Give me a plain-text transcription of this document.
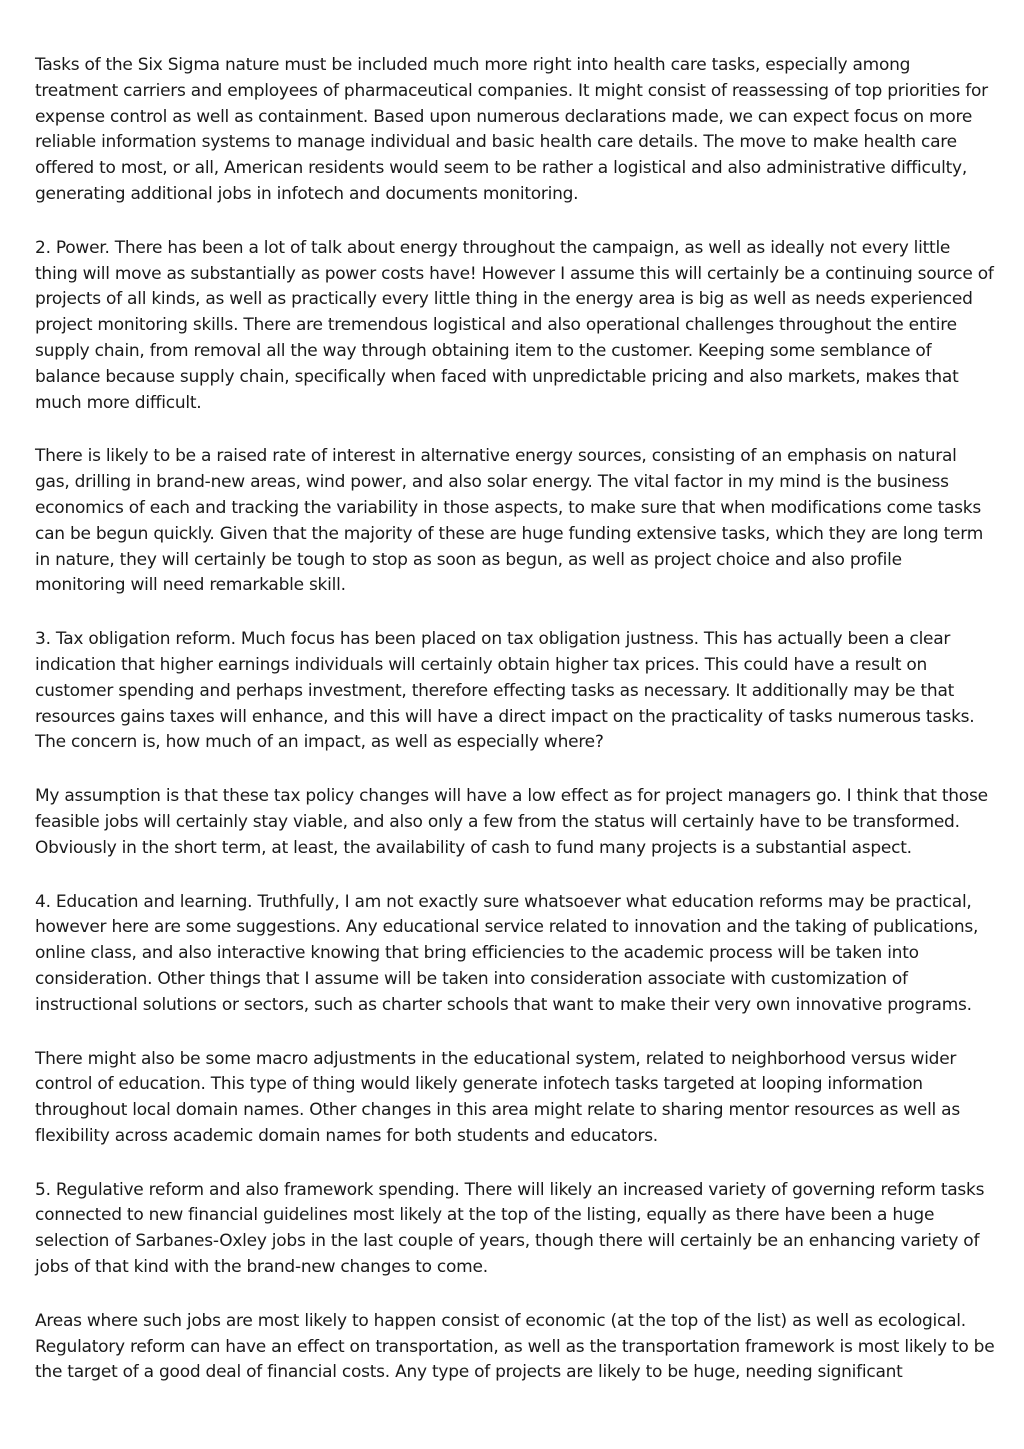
Tasks of the Six Sigma nature must be included much more right into health care tasks, especially among treatment carriers and employees of pharmaceutical companies. It might consist of reassessing of top priorities for expense control as well as containment. Based upon numerous declarations made, we can expect focus on more reliable information systems to manage individual and basic health care details. The move to make health care offered to most, or all, American residents would seem to be rather a logistical and also administrative difficulty, generating additional jobs in infotech and documents monitoring.

2. Power. There has been a lot of talk about energy throughout the campaign, as well as ideally not every little thing will move as substantially as power costs have! However I assume this will certainly be a continuing source of projects of all kinds, as well as practically every little thing in the energy area is big as well as needs experienced project monitoring skills. There are tremendous logistical and also operational challenges throughout the entire supply chain, from removal all the way through obtaining item to the customer. Keeping some semblance of balance because supply chain, specifically when faced with unpredictable pricing and also markets, makes that much more difficult.

There is likely to be a raised rate of interest in alternative energy sources, consisting of an emphasis on natural gas, drilling in brand-new areas, wind power, and also solar energy. The vital factor in my mind is the business economics of each and tracking the variability in those aspects, to make sure that when modifications come tasks can be begun quickly. Given that the majority of these are huge funding extensive tasks, which they are long term in nature, they will certainly be tough to stop as soon as begun, as well as project choice and also profile monitoring will need remarkable skill.

3. Tax obligation reform. Much focus has been placed on tax obligation justness. This has actually been a clear indication that higher earnings individuals will certainly obtain higher tax prices. This could have a result on customer spending and perhaps investment, therefore effecting tasks as necessary. It additionally may be that resources gains taxes will enhance, and this will have a direct impact on the practicality of tasks numerous tasks. The concern is, how much of an impact, as well as especially where?

My assumption is that these tax policy changes will have a low effect as for project managers go. I think that those feasible jobs will certainly stay viable, and also only a few from the status will certainly have to be transformed. Obviously in the short term, at least, the availability of cash to fund many projects is a substantial aspect.

4. Education and learning. Truthfully, I am not exactly sure whatsoever what education reforms may be practical, however here are some suggestions. Any educational service related to innovation and the taking of publications, online class, and also interactive knowing that bring efficiencies to the academic process will be taken into consideration. Other things that I assume will be taken into consideration associate with customization of instructional solutions or sectors, such as charter schools that want to make their very own innovative programs.

There might also be some macro adjustments in the educational system, related to neighborhood versus wider control of education. This type of thing would likely generate infotech tasks targeted at looping information throughout local domain names. Other changes in this area might relate to sharing mentor resources as well as flexibility across academic domain names for both students and educators.

5. Regulative reform and also framework spending. There will likely an increased variety of governing reform tasks connected to new financial guidelines most likely at the top of the listing, equally as there have been a huge selection of Sarbanes-Oxley jobs in the last couple of years, though there will certainly be an enhancing variety of jobs of that kind with the brand-new changes to come.

Areas where such jobs are most likely to happen consist of economic (at the top of the list) as well as ecological. Regulatory reform can have an effect on transportation, as well as the transportation framework is most likely to be the target of a good deal of financial costs. Any type of projects are likely to be huge, needing significant
